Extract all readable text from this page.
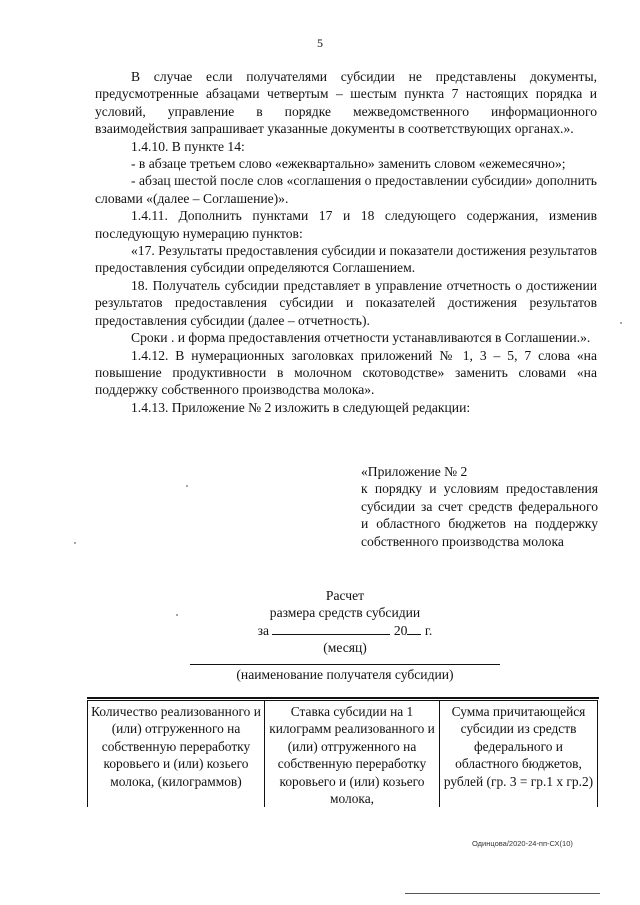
5

В случае если получателями субсидии не представлены документы, предусмотренные абзацами четвертым – шестым пункта 7 настоящих порядка и условий, управление в порядке межведомственного информационного взаимодействия запрашивает указанные документы в соответствующих органах.».

1.4.10. В пункте 14:

- в абзаце третьем слово «ежеквартально» заменить словом «ежемесячно»;

- абзац шестой после слов «соглашения о предоставлении субсидии» дополнить словами «(далее – Соглашение)».

1.4.11. Дополнить пунктами 17 и 18 следующего содержания, изменив последующую нумерацию пунктов:

«17. Результаты предоставления субсидии и показатели достижения результатов предоставления субсидии определяются Соглашением.

18. Получатель субсидии представляет в управление отчетность о достижении результатов предоставления субсидии и показателей достижения результатов предоставления субсидии (далее – отчетность).

Сроки . и форма предоставления отчетности устанавливаются в Соглашении.».

1.4.12. В нумерационных заголовках приложений № 1, 3 – 5, 7 слова «на повышение продуктивности в молочном скотоводстве» заменить словами «на поддержку собственного производства молока».

1.4.13. Приложение № 2 изложить в следующей редакции:

«Приложение № 2

к порядку и условиям предоставления субсидии за счет средств федерального и областного бюджетов на поддержку собственного производства молока

Расчет
размера средств субсидии
за	20 г.
(месяц)
(наименование получателя субсидии)
Количество реализованного и (или) отгруженного на собственную переработку коровьего и (или) козьего молока, (килограммов)	Ставка субсидии на 1 килограмм реализованного и (или) отгруженного на собственную переработку коровьего и (или) козьего молока,	Сумма причитающейся субсидии из средств федерального и областного бюджетов, рублей (гр. 3 = гр.1 x гр.2)
Одинцова/2020-24-пп-СХ(10)
